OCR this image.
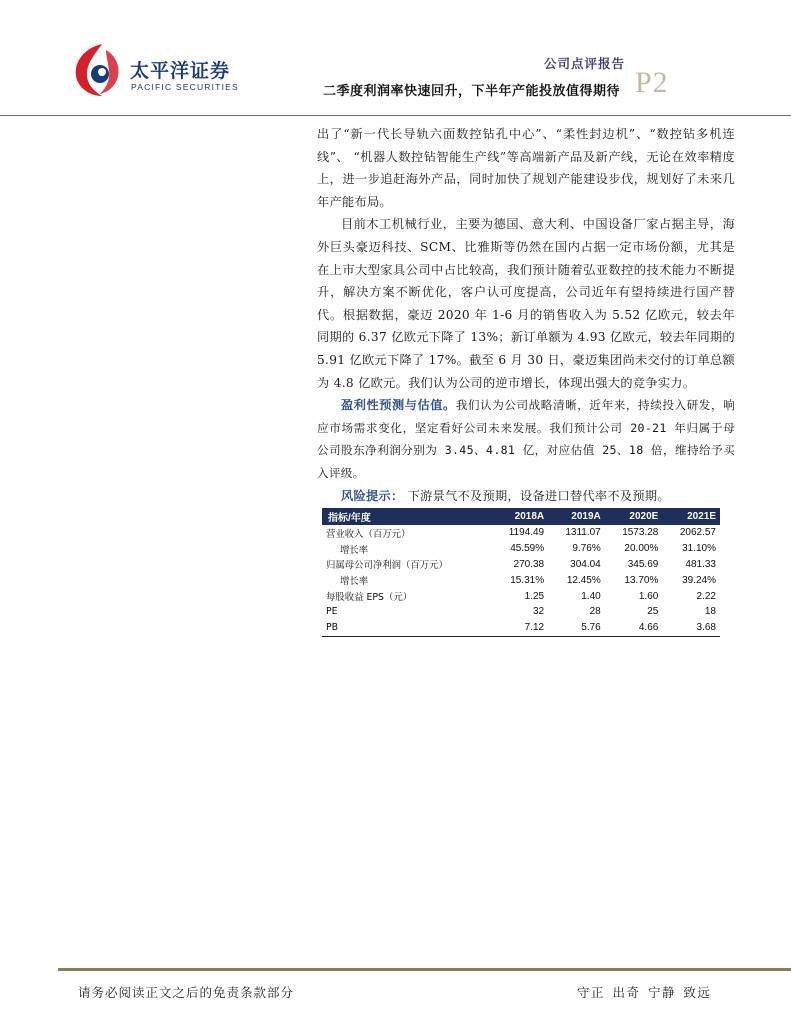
太平洋证券
PACIFIC SECURITIES
公司点评报告
二季度利润率快速回升，下半年产能投放值得期待 P2

出了“新一代长导轨六面数控钻孔中心”、“柔性封边机”、“数控钻多机连线”、 “机器人数控钻智能生产线”等高端新产品及新产线，无论在效率精度上，进一步追赶海外产品，同时加快了规划产能建设步伐，规划好了未来几年产能布局。

目前木工机械行业，主要为德国、意大利、中国设备厂家占据主导，海外巨头豪迈科技、SCM、比雅斯等仍然在国内占据一定市场份额，尤其是在上市大型家具公司中占比较高，我们预计随着弘亚数控的技术能力不断提升，解决方案不断优化，客户认可度提高，公司近年有望持续进行国产替代。根据数据，豪迈 2020 年 1-6 月的销售收入为 5.52 亿欧元，较去年同期的 6.37 亿欧元下降了 13%；新订单额为 4.93 亿欧元，较去年同期的 5.91 亿欧元下降了 17%。截至 6 月 30 日，豪迈集团尚未交付的订单总额为 4.8 亿欧元。我们认为公司的逆市增长，体现出强大的竞争实力。

盈利性预测与估值。我们认为公司战略清晰，近年来，持续投入研发，响应市场需求变化，坚定看好公司未来发展。我们预计公司 20-21 年归属于母公司股东净利润分别为 3.45、4.81 亿，对应估值 25、18 倍，维持给予买入评级。

风险提示： 下游景气不及预期，设备进口替代率不及预期。

指标/年度	2018A	2019A	2020E	2021E
营业收入（百万元）	1194.49	1311.07	1573.28	2062.57
增长率	45.59%	9.76%	20.00%	31.10%
归属母公司净利润（百万元）	270.38	304.04	345.69	481.33
增长率	15.31%	12.45%	13.70%	39.24%
每股收益 EPS（元）	1.25	1.40	1.60	2.22
PE	32	28	25	18
PB	7.12	5.76	4.66	3.68
请务必阅读正文之后的免责条款部分	守正 出奇 宁静 致远
